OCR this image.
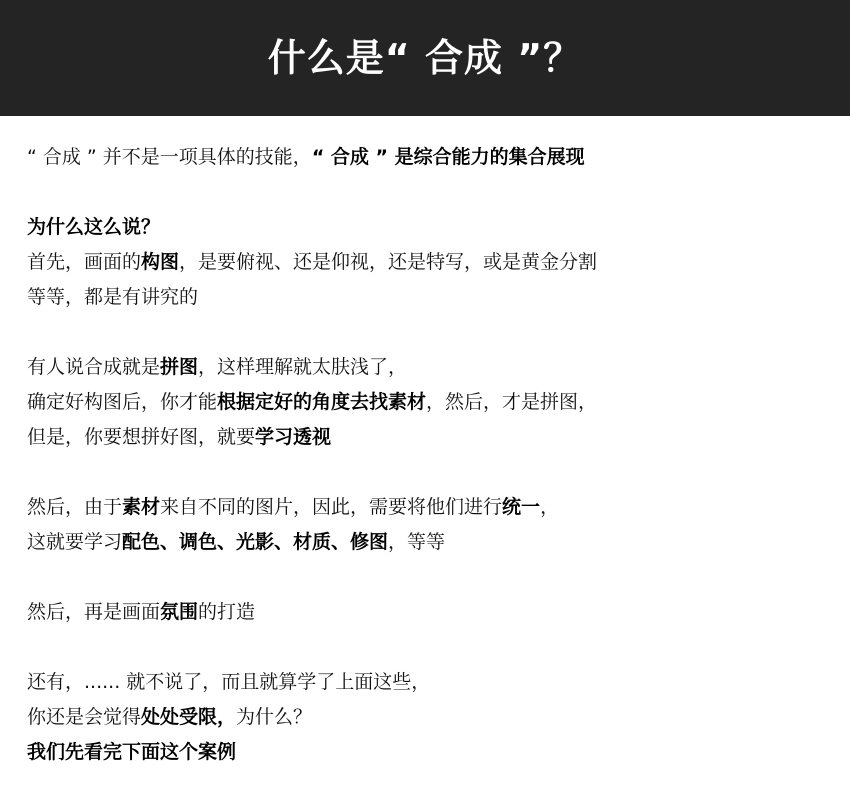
什么是“ 合成 ”？
“ 合成 ” 并不是一项具体的技能，“ 合成 ” 是综合能力的集合展现
为什么这么说？
首先，画面的构图，是要俯视、还是仰视，还是特写，或是黄金分割
等等，都是有讲究的
有人说合成就是拼图，这样理解就太肤浅了，
确定好构图后，你才能根据定好的角度去找素材，然后，才是拼图，
但是，你要想拼好图，就要学习透视
然后，由于素材来自不同的图片，因此，需要将他们进行统一，
这就要学习配色、调色、光影、材质、修图，等等
然后，再是画面氛围的打造
还有，...... 就不说了，而且就算学了上面这些，
你还是会觉得处处受限，为什么？
我们先看完下面这个案例
